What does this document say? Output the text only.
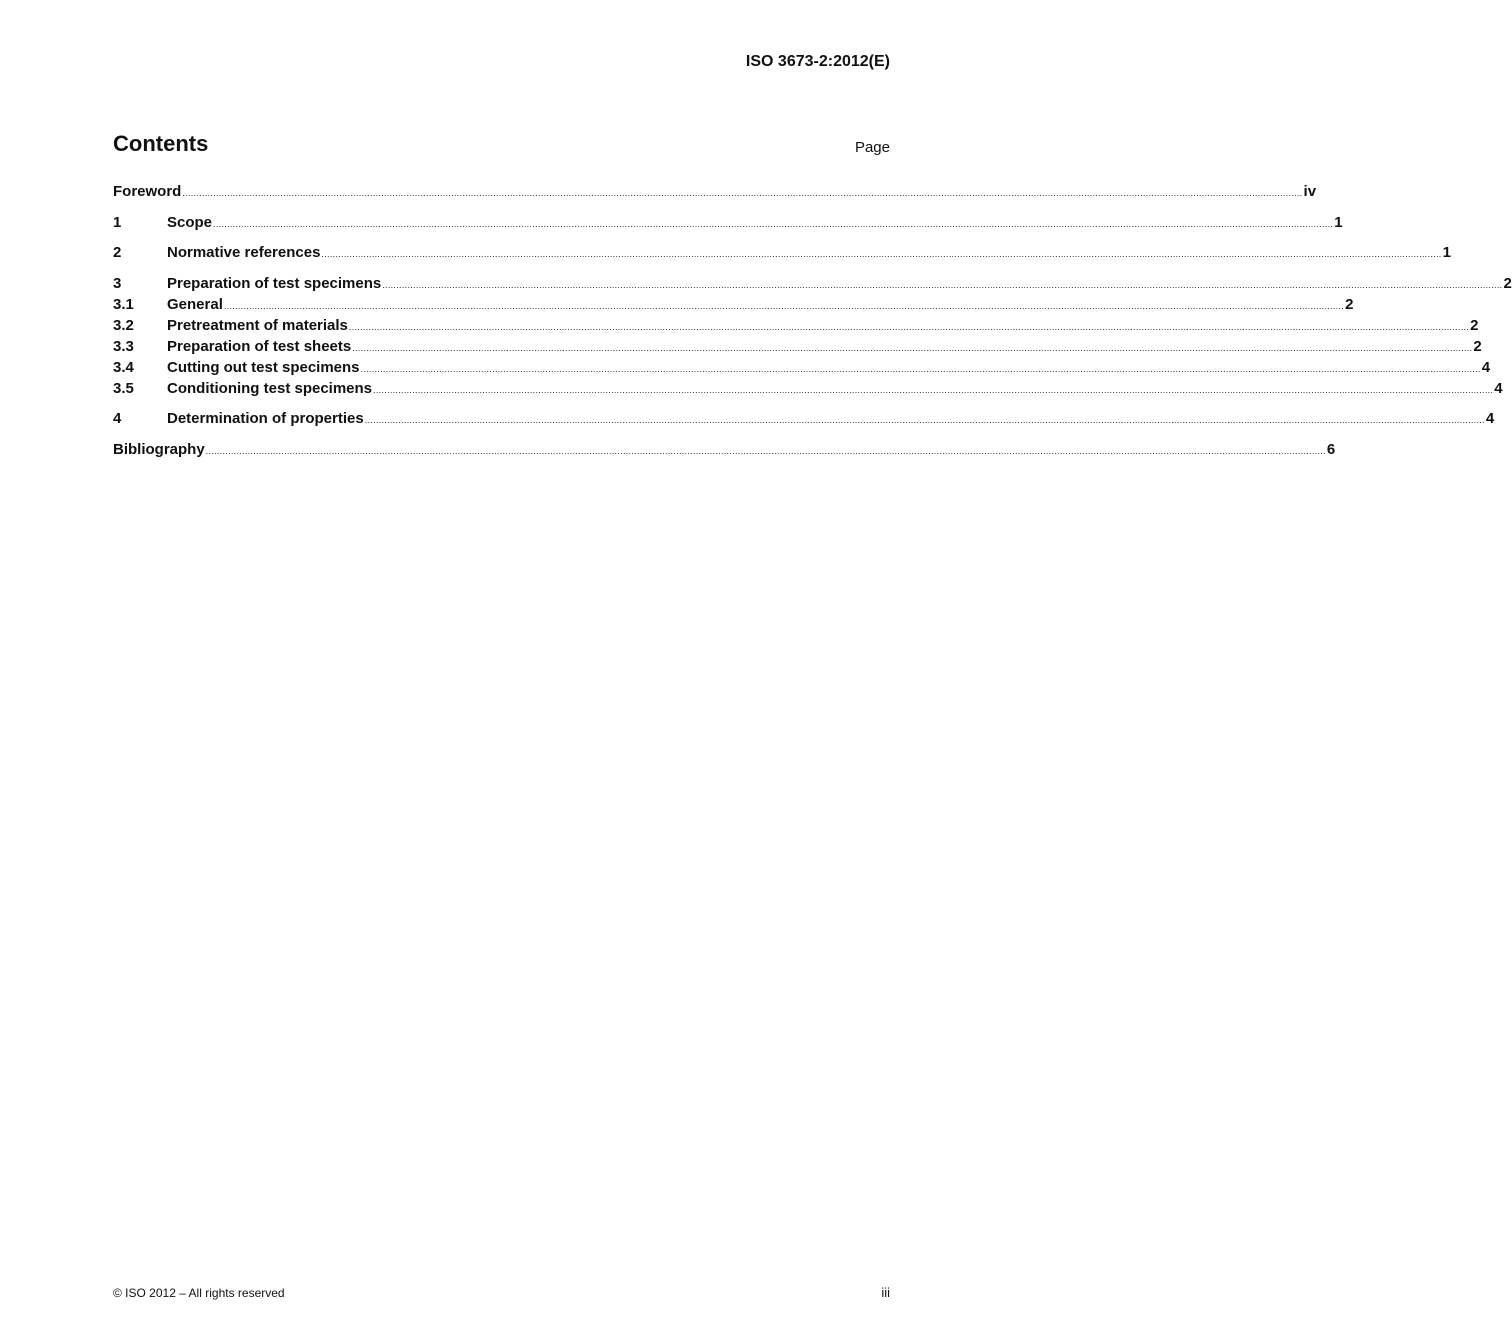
ISO 3673-2:2012(E)
Contents	Page
Foreword ................................................................................................................................................................................................................................................................................................................................................................................................................ iv
1	Scope ................................................................................................................................................................................................................................................................................................................................................................................................................ 1
2	Normative references ................................................................................................................................................................................................................................................................................................................................................................................................................ 1
3	Preparation of test specimens ................................................................................................................................................................................................................................................................................................................................................................................................................ 2
3.1	General ................................................................................................................................................................................................................................................................................................................................................................................................................ 2
3.2	Pretreatment of materials ................................................................................................................................................................................................................................................................................................................................................................................................................ 2
3.3	Preparation of test sheets ................................................................................................................................................................................................................................................................................................................................................................................................................ 2
3.4	Cutting out test specimens ................................................................................................................................................................................................................................................................................................................................................................................................................ 4
3.5	Conditioning test specimens ................................................................................................................................................................................................................................................................................................................................................................................................................ 4
4	Determination of properties ................................................................................................................................................................................................................................................................................................................................................................................................................ 4
Bibliography ................................................................................................................................................................................................................................................................................................................................................................................................................ 6
© ISO 2012 – All rights reserved	iii
